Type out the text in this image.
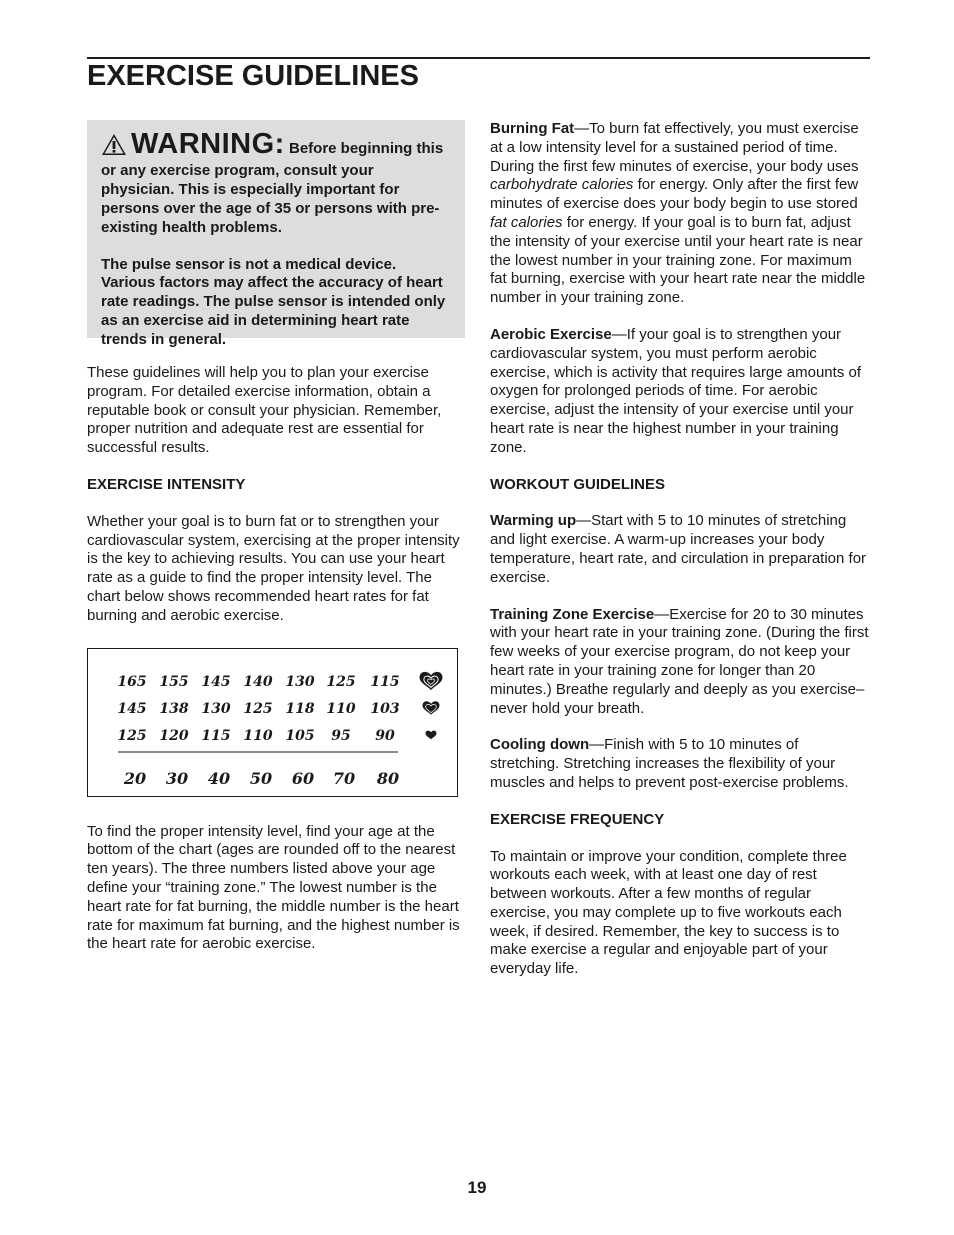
EXERCISE GUIDELINES

WARNING: Before beginning this or any exercise program, consult your physician. This is especially important for persons over the age of 35 or persons with pre-existing health problems.

The pulse sensor is not a medical device. Various factors may affect the accuracy of heart rate readings. The pulse sensor is intended only as an exercise aid in determining heart rate trends in general.

These guidelines will help you to plan your exercise program. For detailed exercise information, obtain a reputable book or consult your physician. Remember, proper nutrition and adequate rest are essential for successful results.

EXERCISE INTENSITY

Whether your goal is to burn fat or to strengthen your cardiovascular system, exercising at the proper intensity is the key to achieving results. You can use your heart rate as a guide to find the proper intensity level. The chart below shows recommended heart rates for fat burning and aerobic exercise.

165 155 145 140 130 125 115
145 138 130 125 118 110 103
125 120 115 110 105 95 90
20 30 40 50 60 70 80

To find the proper intensity level, find your age at the bottom of the chart (ages are rounded off to the nearest ten years). The three numbers listed above your age define your “training zone.” The lowest number is the heart rate for fat burning, the middle number is the heart rate for maximum fat burning, and the highest number is the heart rate for aerobic exercise.

Burning Fat—To burn fat effectively, you must exercise at a low intensity level for a sustained period of time. During the first few minutes of exercise, your body uses carbohydrate calories for energy. Only after the first few minutes of exercise does your body begin to use stored fat calories for energy. If your goal is to burn fat, adjust the intensity of your exercise until your heart rate is near the lowest number in your training zone. For maximum fat burning, exercise with your heart rate near the middle number in your training zone.

Aerobic Exercise—If your goal is to strengthen your cardiovascular system, you must perform aerobic exercise, which is activity that requires large amounts of oxygen for prolonged periods of time. For aerobic exercise, adjust the intensity of your exercise until your heart rate is near the highest number in your training zone.

WORKOUT GUIDELINES

Warming up—Start with 5 to 10 minutes of stretching and light exercise. A warm-up increases your body temperature, heart rate, and circulation in preparation for exercise.

Training Zone Exercise—Exercise for 20 to 30 minutes with your heart rate in your training zone. (During the first few weeks of your exercise program, do not keep your heart rate in your training zone for longer than 20 minutes.) Breathe regularly and deeply as you exercise–never hold your breath.

Cooling down—Finish with 5 to 10 minutes of stretching. Stretching increases the flexibility of your muscles and helps to prevent post-exercise problems.

EXERCISE FREQUENCY

To maintain or improve your condition, complete three workouts each week, with at least one day of rest between workouts. After a few months of regular exercise, you may complete up to five workouts each week, if desired. Remember, the key to success is to make exercise a regular and enjoyable part of your everyday life.

19
